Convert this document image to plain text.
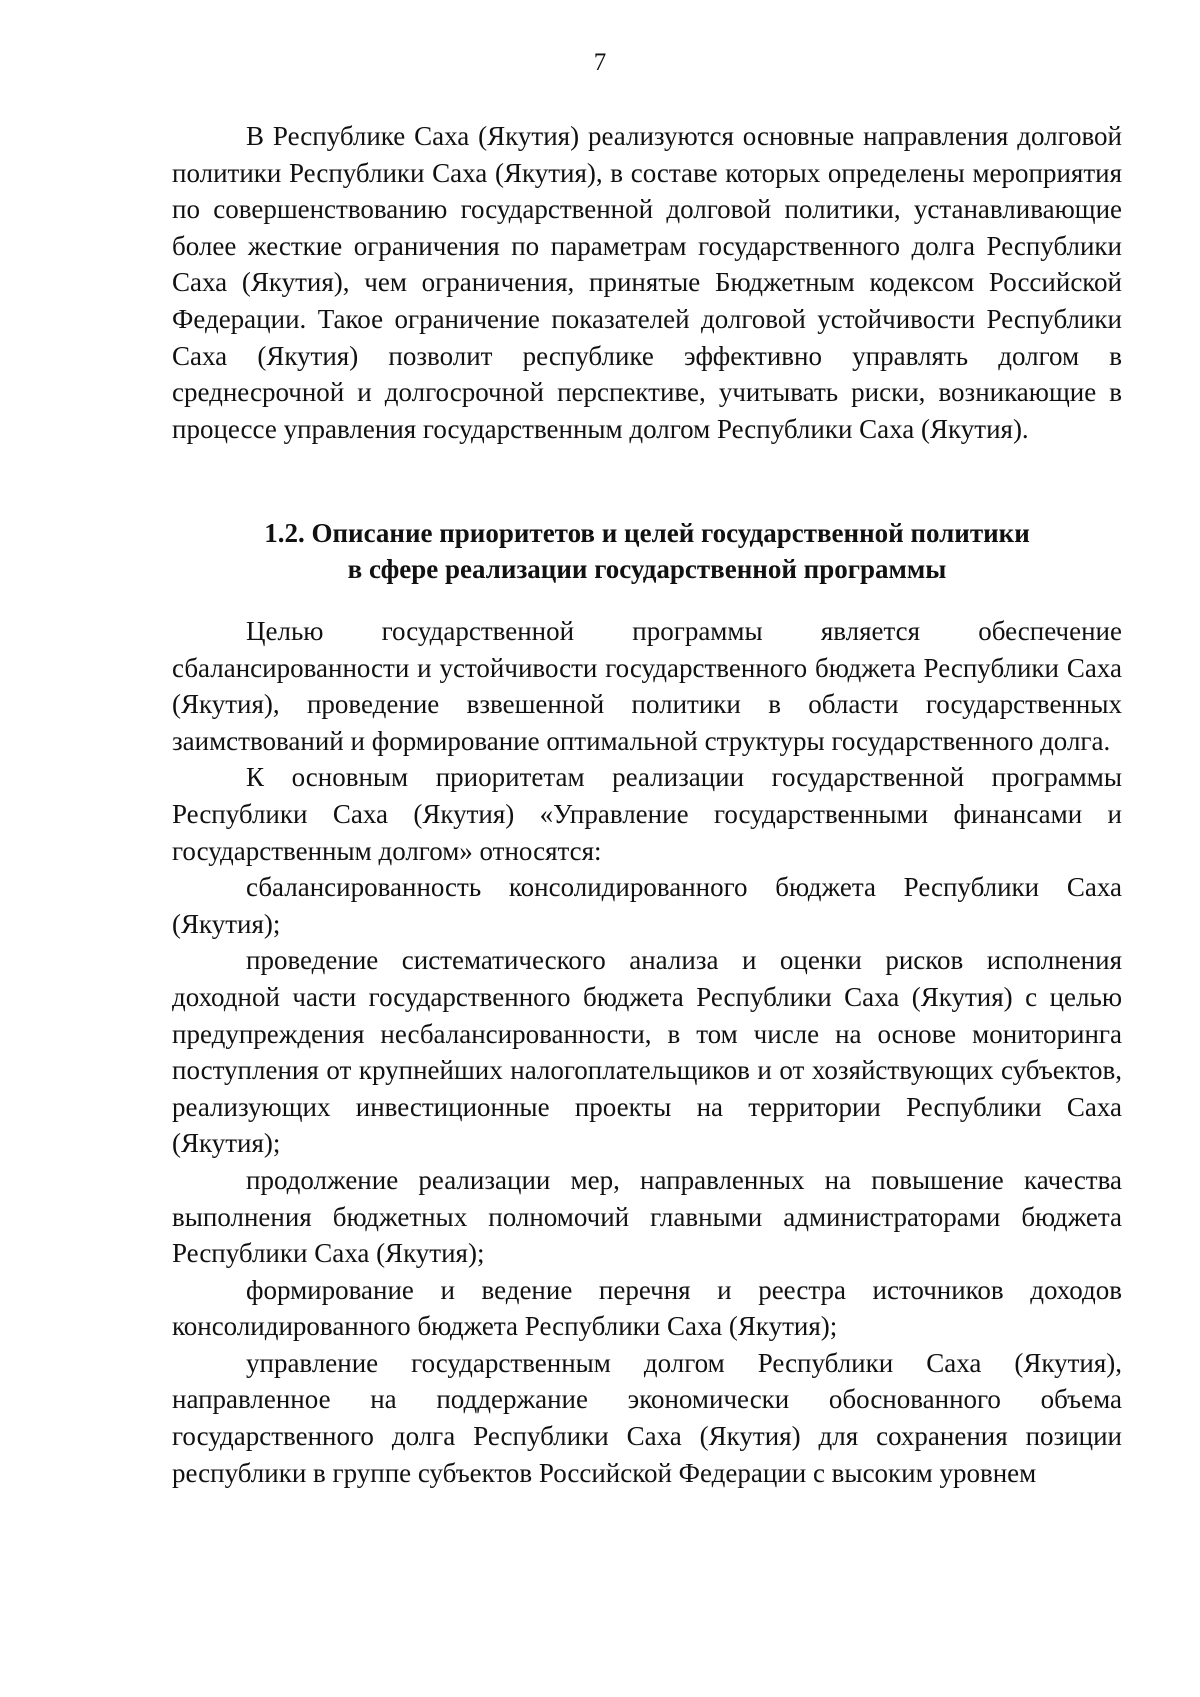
7

В Республике Саха (Якутия) реализуются основные направления долговой политики Республики Саха (Якутия), в составе которых определены мероприятия по совершенствованию государственной долговой политики, устанавливающие более жесткие ограничения по параметрам государственного долга Республики Саха (Якутия), чем ограничения, принятые Бюджетным кодексом Российской Федерации. Такое ограничение показателей долговой устойчивости Республики Саха (Якутия) позволит республике эффективно управлять долгом в среднесрочной и долгосрочной перспективе, учитывать риски, возникающие в процессе управления государственным долгом Республики Саха (Якутия).

1.2. Описание приоритетов и целей государственной политики
в сфере реализации государственной программы

Целью государственной программы является обеспечение сбалансированности и устойчивости государственного бюджета Республики Саха (Якутия), проведение взвешенной политики в области государственных заимствований и формирование оптимальной структуры государственного долга.

К основным приоритетам реализации государственной программы Республики Саха (Якутия) «Управление государственными финансами и государственным долгом» относятся:

сбалансированность консолидированного бюджета Республики Саха (Якутия);

проведение систематического анализа и оценки рисков исполнения доходной части государственного бюджета Республики Саха (Якутия) с целью предупреждения несбалансированности, в том числе на основе мониторинга поступления от крупнейших налогоплательщиков и от хозяйствующих субъектов, реализующих инвестиционные проекты на территории Республики Саха (Якутия);

продолжение реализации мер, направленных на повышение качества выполнения бюджетных полномочий главными администраторами бюджета Республики Саха (Якутия);

формирование и ведение перечня и реестра источников доходов консолидированного бюджета Республики Саха (Якутия);

управление государственным долгом Республики Саха (Якутия), направленное на поддержание экономически обоснованного объема государственного долга Республики Саха (Якутия) для сохранения позиции республики в группе субъектов Российской Федерации с высоким уровнем
